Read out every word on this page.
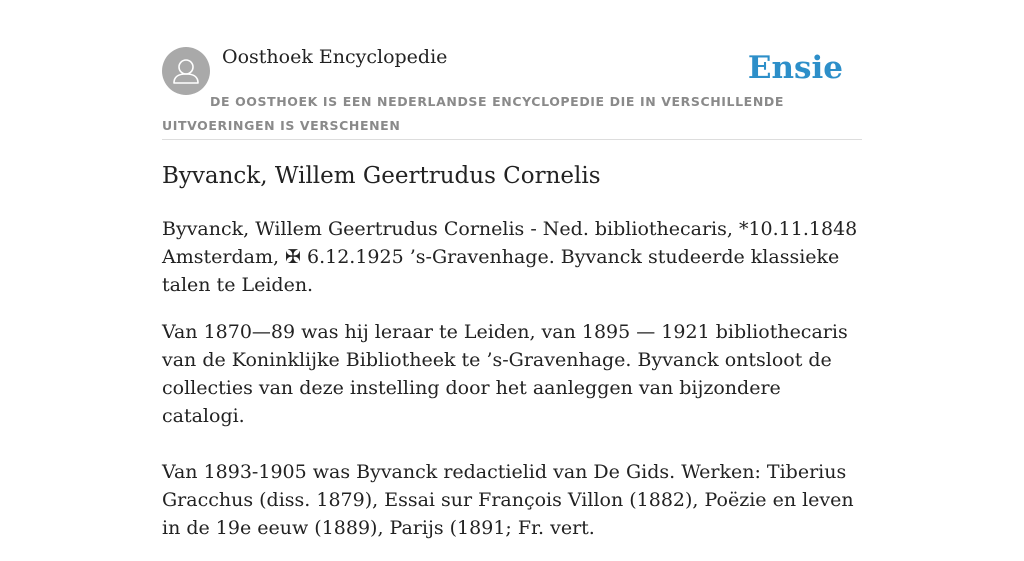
Oosthoek Encyclopedie	Ensie
DE OOSTHOEK IS EEN NEDERLANDSE ENCYCLOPEDIE DIE IN VERSCHILLENDE UITVOERINGEN IS VERSCHENEN
Byvanck, Willem Geertrudus Cornelis

Byvanck, Willem Geertrudus Cornelis - Ned. bibliothecaris, *10.11.1848 Amsterdam, ✠ 6.12.1925 ’s-Gravenhage. Byvanck studeerde klassieke talen te Leiden.

Van 1870—89 was hij leraar te Leiden, van 1895 — 1921 bibliothecaris van de Koninklijke Bibliotheek te ’s-Gravenhage. Byvanck ontsloot de collecties van deze instelling door het aanleggen van bijzondere catalogi.

Van 1893-1905 was Byvanck redactielid van De Gids. Werken: Tiberius Gracchus (diss. 1879), Essai sur François Villon (1882), Poëzie en leven in de 19e eeuw (1889), Parijs (1891; Fr. vert.
